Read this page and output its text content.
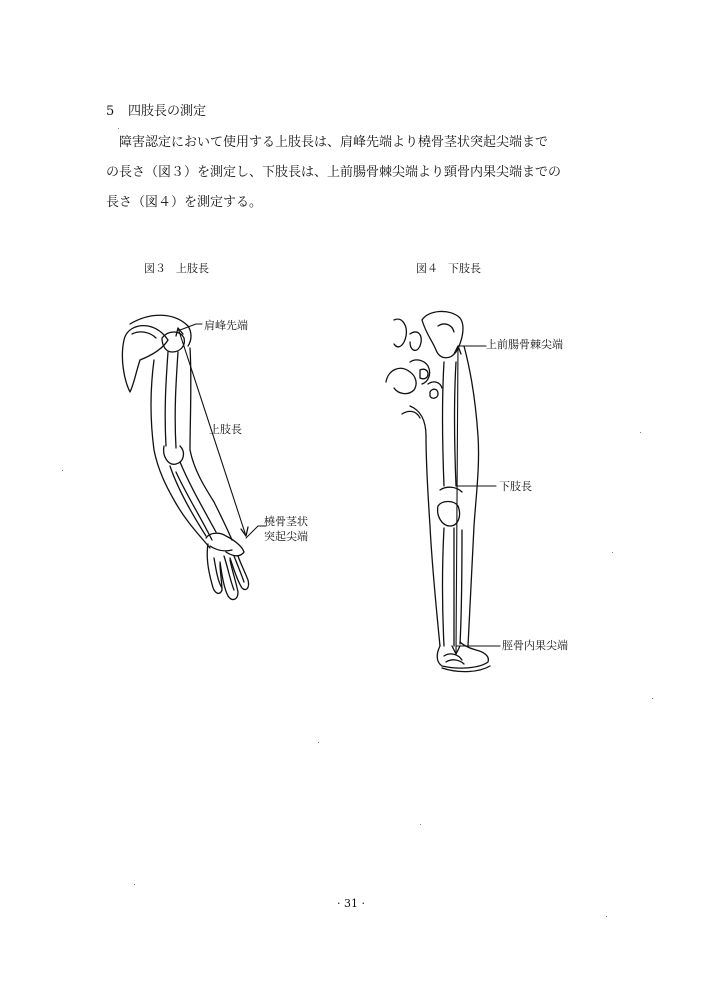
5 四肢長の測定

障害認定において使用する上肢長は、肩峰先端より橈骨茎状突起尖端まで

の長さ（図３）を測定し、下肢長は、上前腸骨棘尖端より頸骨内果尖端までの

長さ（図４）を測定する。

図３ 上肢長
肩峰先端
上肢長
橈骨茎状
突起尖端
図４ 下肢長
上前腸骨棘尖端
下肢長
脛骨内果尖端
· 31 ·
